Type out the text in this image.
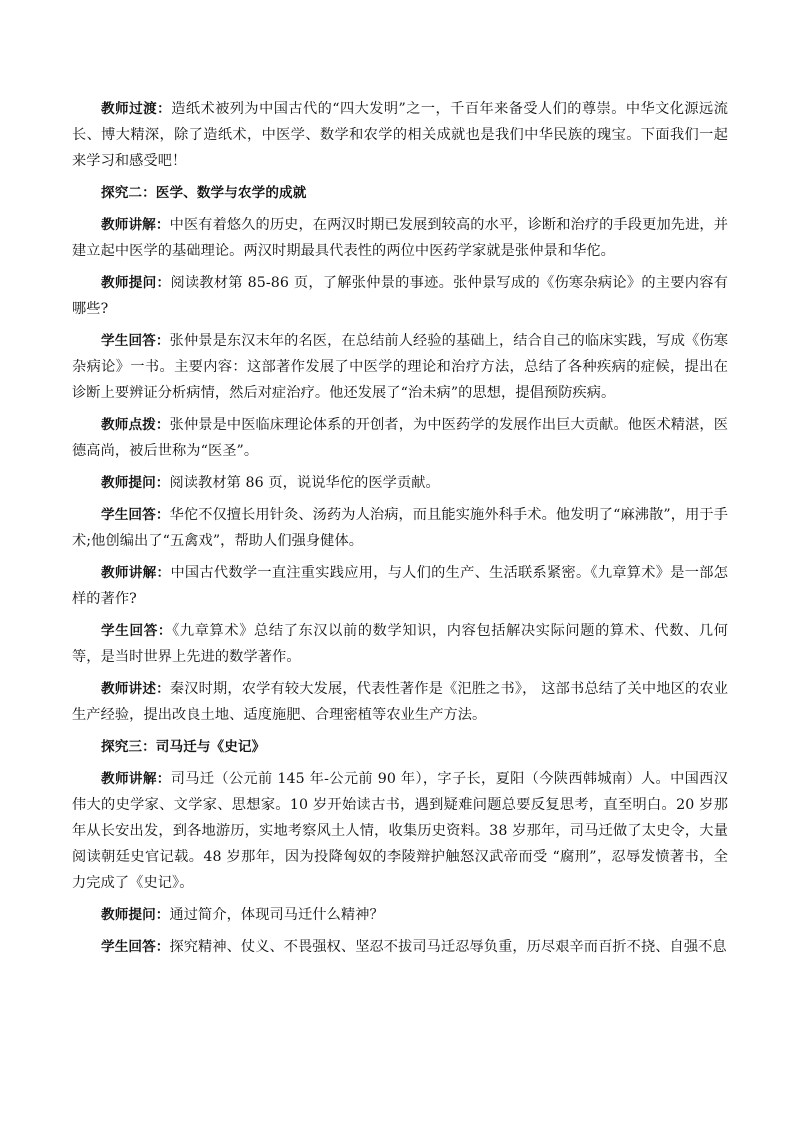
教师过渡：造纸术被列为中国古代的“四大发明”之一，千百年来备受人们的尊崇。中华文化源远流长、博大精深，除了造纸术，中医学、数学和农学的相关成就也是我们中华民族的瑰宝。下面我们一起来学习和感受吧！

探究二：医学、数学与农学的成就

教师讲解：中医有着悠久的历史，在两汉时期已发展到较高的水平，诊断和治疗的手段更加先进，并建立起中医学的基础理论。两汉时期最具代表性的两位中医药学家就是张仲景和华佗。

教师提问：阅读教材第 85-86 页，了解张仲景的事迹。张仲景写成的《伤寒杂病论》的主要内容有哪些?

学生回答：张仲景是东汉末年的名医，在总结前人经验的基础上，结合自己的临床实践，写成《伤寒杂病论》一书。主要内容：这部著作发展了中医学的理论和治疗方法，总结了各种疾病的症候，提出在诊断上要辨证分析病情，然后对症治疗。他还发展了“治未病”的思想，提倡预防疾病。

教师点拨：张仲景是中医临床理论体系的开创者，为中医药学的发展作出巨大贡献。他医术精湛，医德高尚，被后世称为“医圣”。

教师提问：阅读教材第 86 页，说说华佗的医学贡献。

学生回答：华佗不仅擅长用针灸、汤药为人治病，而且能实施外科手术。他发明了“麻沸散”，用于手术;他创编出了“五禽戏”，帮助人们强身健体。

教师讲解：中国古代数学一直注重实践应用，与人们的生产、生活联系紧密。《九章算术》是一部怎样的著作?

学生回答：《九章算术》总结了东汉以前的数学知识，内容包括解决实际问题的算术、代数、几何等，是当时世界上先进的数学著作。

教师讲述：秦汉时期，农学有较大发展，代表性著作是《汜胜之书》， 这部书总结了关中地区的农业生产经验，提出改良土地、适度施肥、合理密植等农业生产方法。

探究三：司马迁与《史记》

教师讲解：司马迁（公元前 145 年-公元前 90 年），字子长，夏阳（今陕西韩城南）人。中国西汉伟大的史学家、文学家、思想家。10 岁开始读古书，遇到疑难问题总要反复思考，直至明白。20 岁那年从长安出发，到各地游历，实地考察风土人情，收集历史资料。38 岁那年，司马迁做了太史令，大量阅读朝廷史官记载。48 岁那年，因为投降匈奴的李陵辩护触怒汉武帝而受 “腐刑”，忍辱发愤著书，全力完成了《史记》。

教师提问：通过简介，体现司马迁什么精神？

学生回答：探究精神、仗义、不畏强权、坚忍不拔司马迁忍辱负重，历尽艰辛而百折不挠、自强不息
